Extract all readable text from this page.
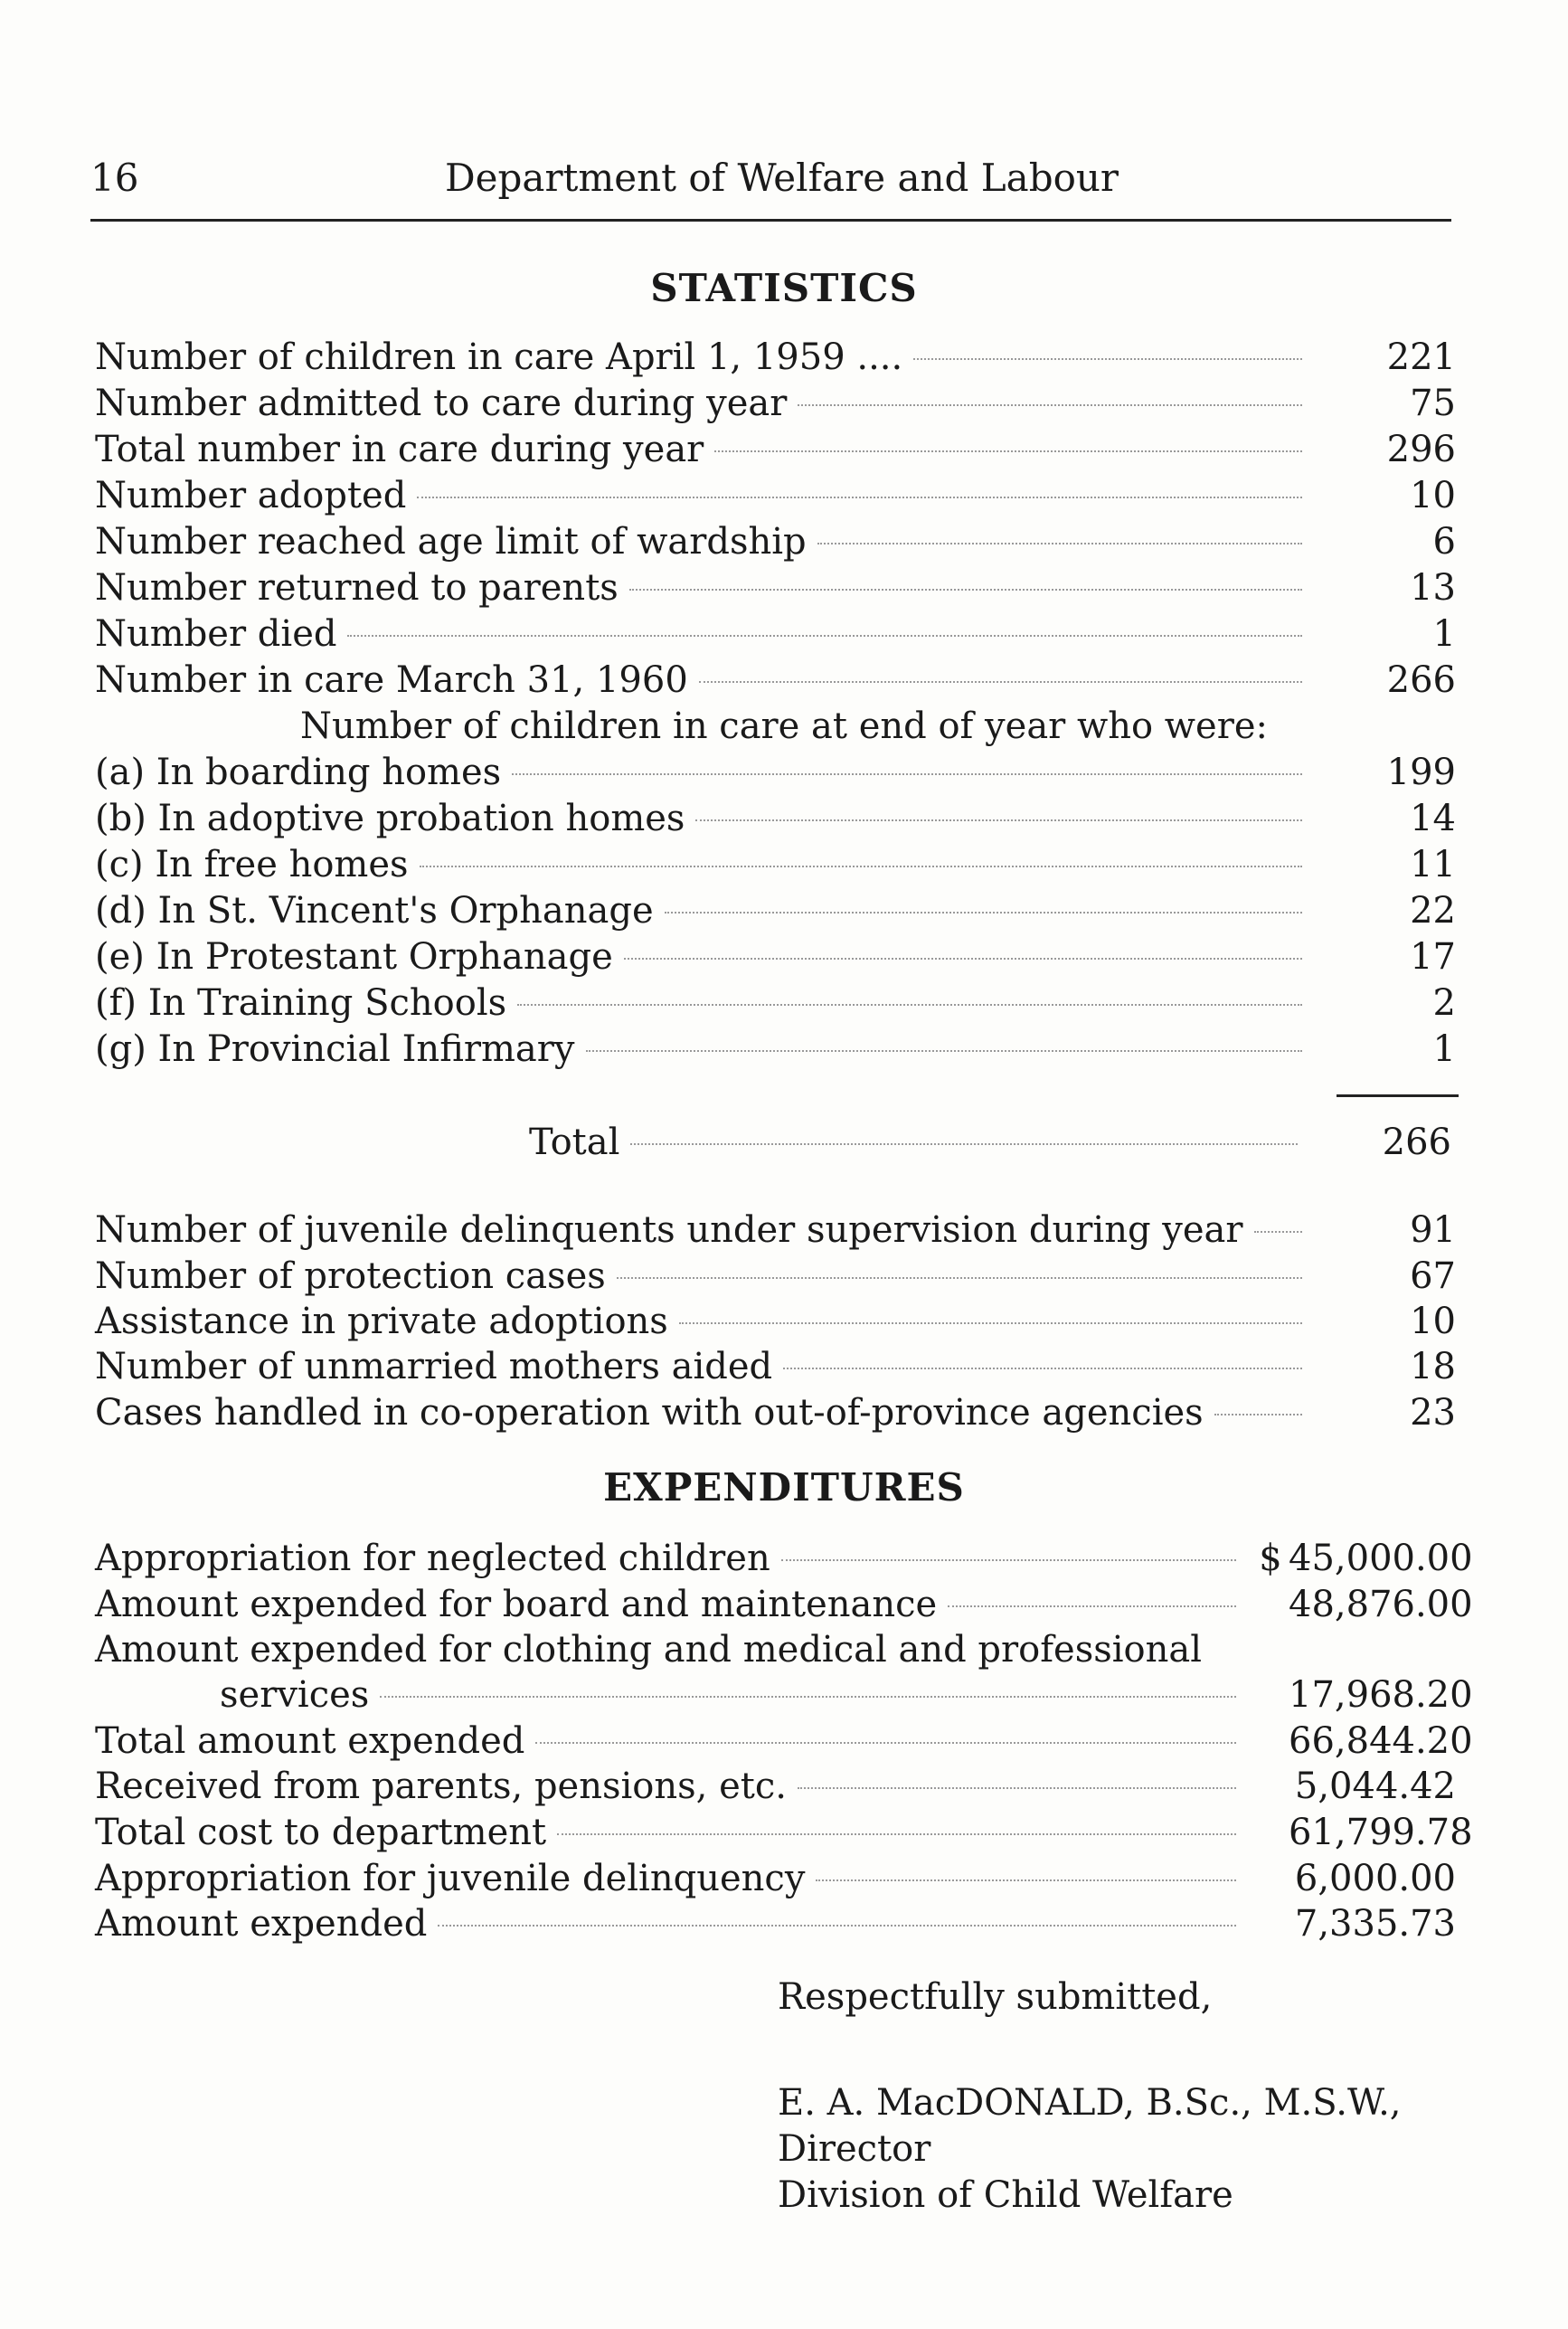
16	Department of Welfare and Labour
STATISTICS
Number of children in care April 1, 1959 ....	221
Number admitted to care during year	75
Total number in care during year	296
Number adopted	10
Number reached age limit of wardship	6
Number returned to parents	13
Number died	1
Number in care March 31, 1960	266
Number of children in care at end of year who were:
(a) In boarding homes	199
(b) In adoptive probation homes	14
(c) In free homes	11
(d) In St. Vincent's Orphanage	22
(e) In Protestant Orphanage	17
(f) In Training Schools	2
(g) In Provincial Infirmary	1
Total	266
Number of juvenile delinquents under supervision during year	91
Number of protection cases	67
Assistance in private adoptions	10
Number of unmarried mothers aided	18
Cases handled in co-operation with out-of-province agencies	23
EXPENDITURES
Appropriation for neglected children	$ 45,000.00
Amount expended for board and maintenance	48,876.00
Amount expended for clothing and medical and professional
services	17,968.20
Total amount expended	66,844.20
Received from parents, pensions, etc.	5,044.42
Total cost to department	61,799.78
Appropriation for juvenile delinquency	6,000.00
Amount expended	7,335.73
Respectfully submitted,
E. A. MacDONALD, B.Sc., M.S.W.,
Director
Division of Child Welfare
